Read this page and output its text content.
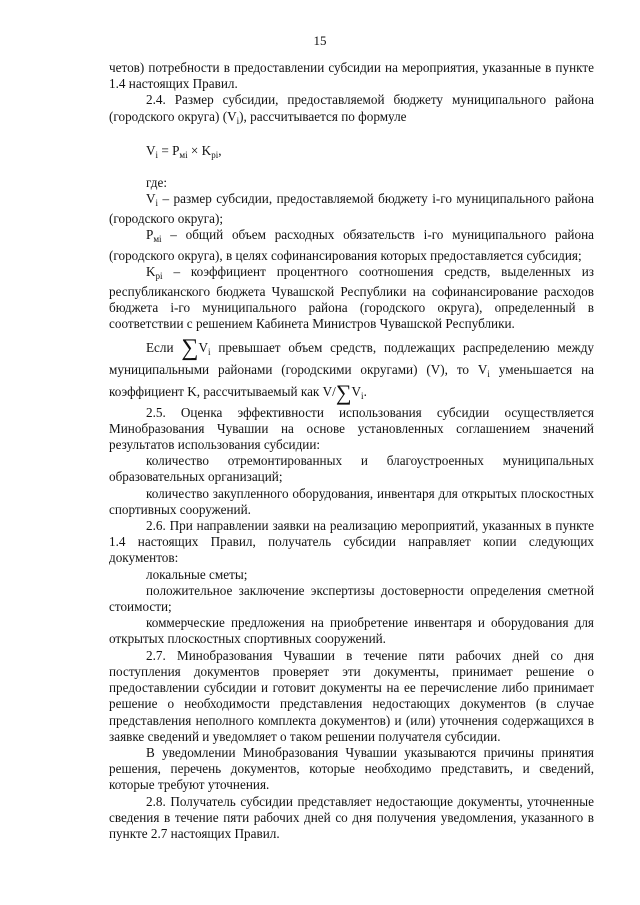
15

четов) потребности в предоставлении субсидии на мероприятия, указанные в пункте 1.4 настоящих Правил.

2.4. Размер субсидии, предоставляемой бюджету муниципального района (городского округа) $(V_i)$, рассчитывается по формуле

$V_i = P_{мi} \times K_{pi}$,

где:

$V_i$ – размер субсидии, предоставляемой бюджету i-го муниципального района (городского округа);

$P_{мi}$ – общий объем расходных обязательств i-го муниципального района (городского округа), в целях софинансирования которых предоставляется субсидия;

$K_{pi}$ – коэффициент процентного соотношения средств, выделенных из республиканского бюджета Чувашской Республики на софинансирование расходов бюджета i-го муниципального района (городского округа), определенный в соответствии с решением Кабинета Министров Чувашской Республики.

Если $\sum V_i$ превышает объем средств, подлежащих распределению между муниципальными районами (городскими округами) (V), то $V_i$ уменьшается на коэффициент K, рассчитываемый как $V/\sum V_i$.

2.5. Оценка эффективности использования субсидии осуществляется Минобразования Чувашии на основе установленных соглашением значений результатов использования субсидии:

количество отремонтированных и благоустроенных муниципальных образовательных организаций;

количество закупленного оборудования, инвентаря для открытых плоскостных спортивных сооружений.

2.6. При направлении заявки на реализацию мероприятий, указанных в пункте 1.4 настоящих Правил, получатель субсидии направляет копии следующих документов:

локальные сметы;

положительное заключение экспертизы достоверности определения сметной стоимости;

коммерческие предложения на приобретение инвентаря и оборудования для открытых плоскостных спортивных сооружений.

2.7. Минобразования Чувашии в течение пяти рабочих дней со дня поступления документов проверяет эти документы, принимает решение о предоставлении субсидии и готовит документы на ее перечисление либо принимает решение о необходимости представления недостающих документов (в случае представления неполного комплекта документов) и (или) уточнения содержащихся в заявке сведений и уведомляет о таком решении получателя субсидии.

В уведомлении Минобразования Чувашии указываются причины принятия решения, перечень документов, которые необходимо представить, и сведений, которые требуют уточнения.

2.8. Получатель субсидии представляет недостающие документы, уточненные сведения в течение пяти рабочих дней со дня получения уведомления, указанного в пункте 2.7 настоящих Правил.
